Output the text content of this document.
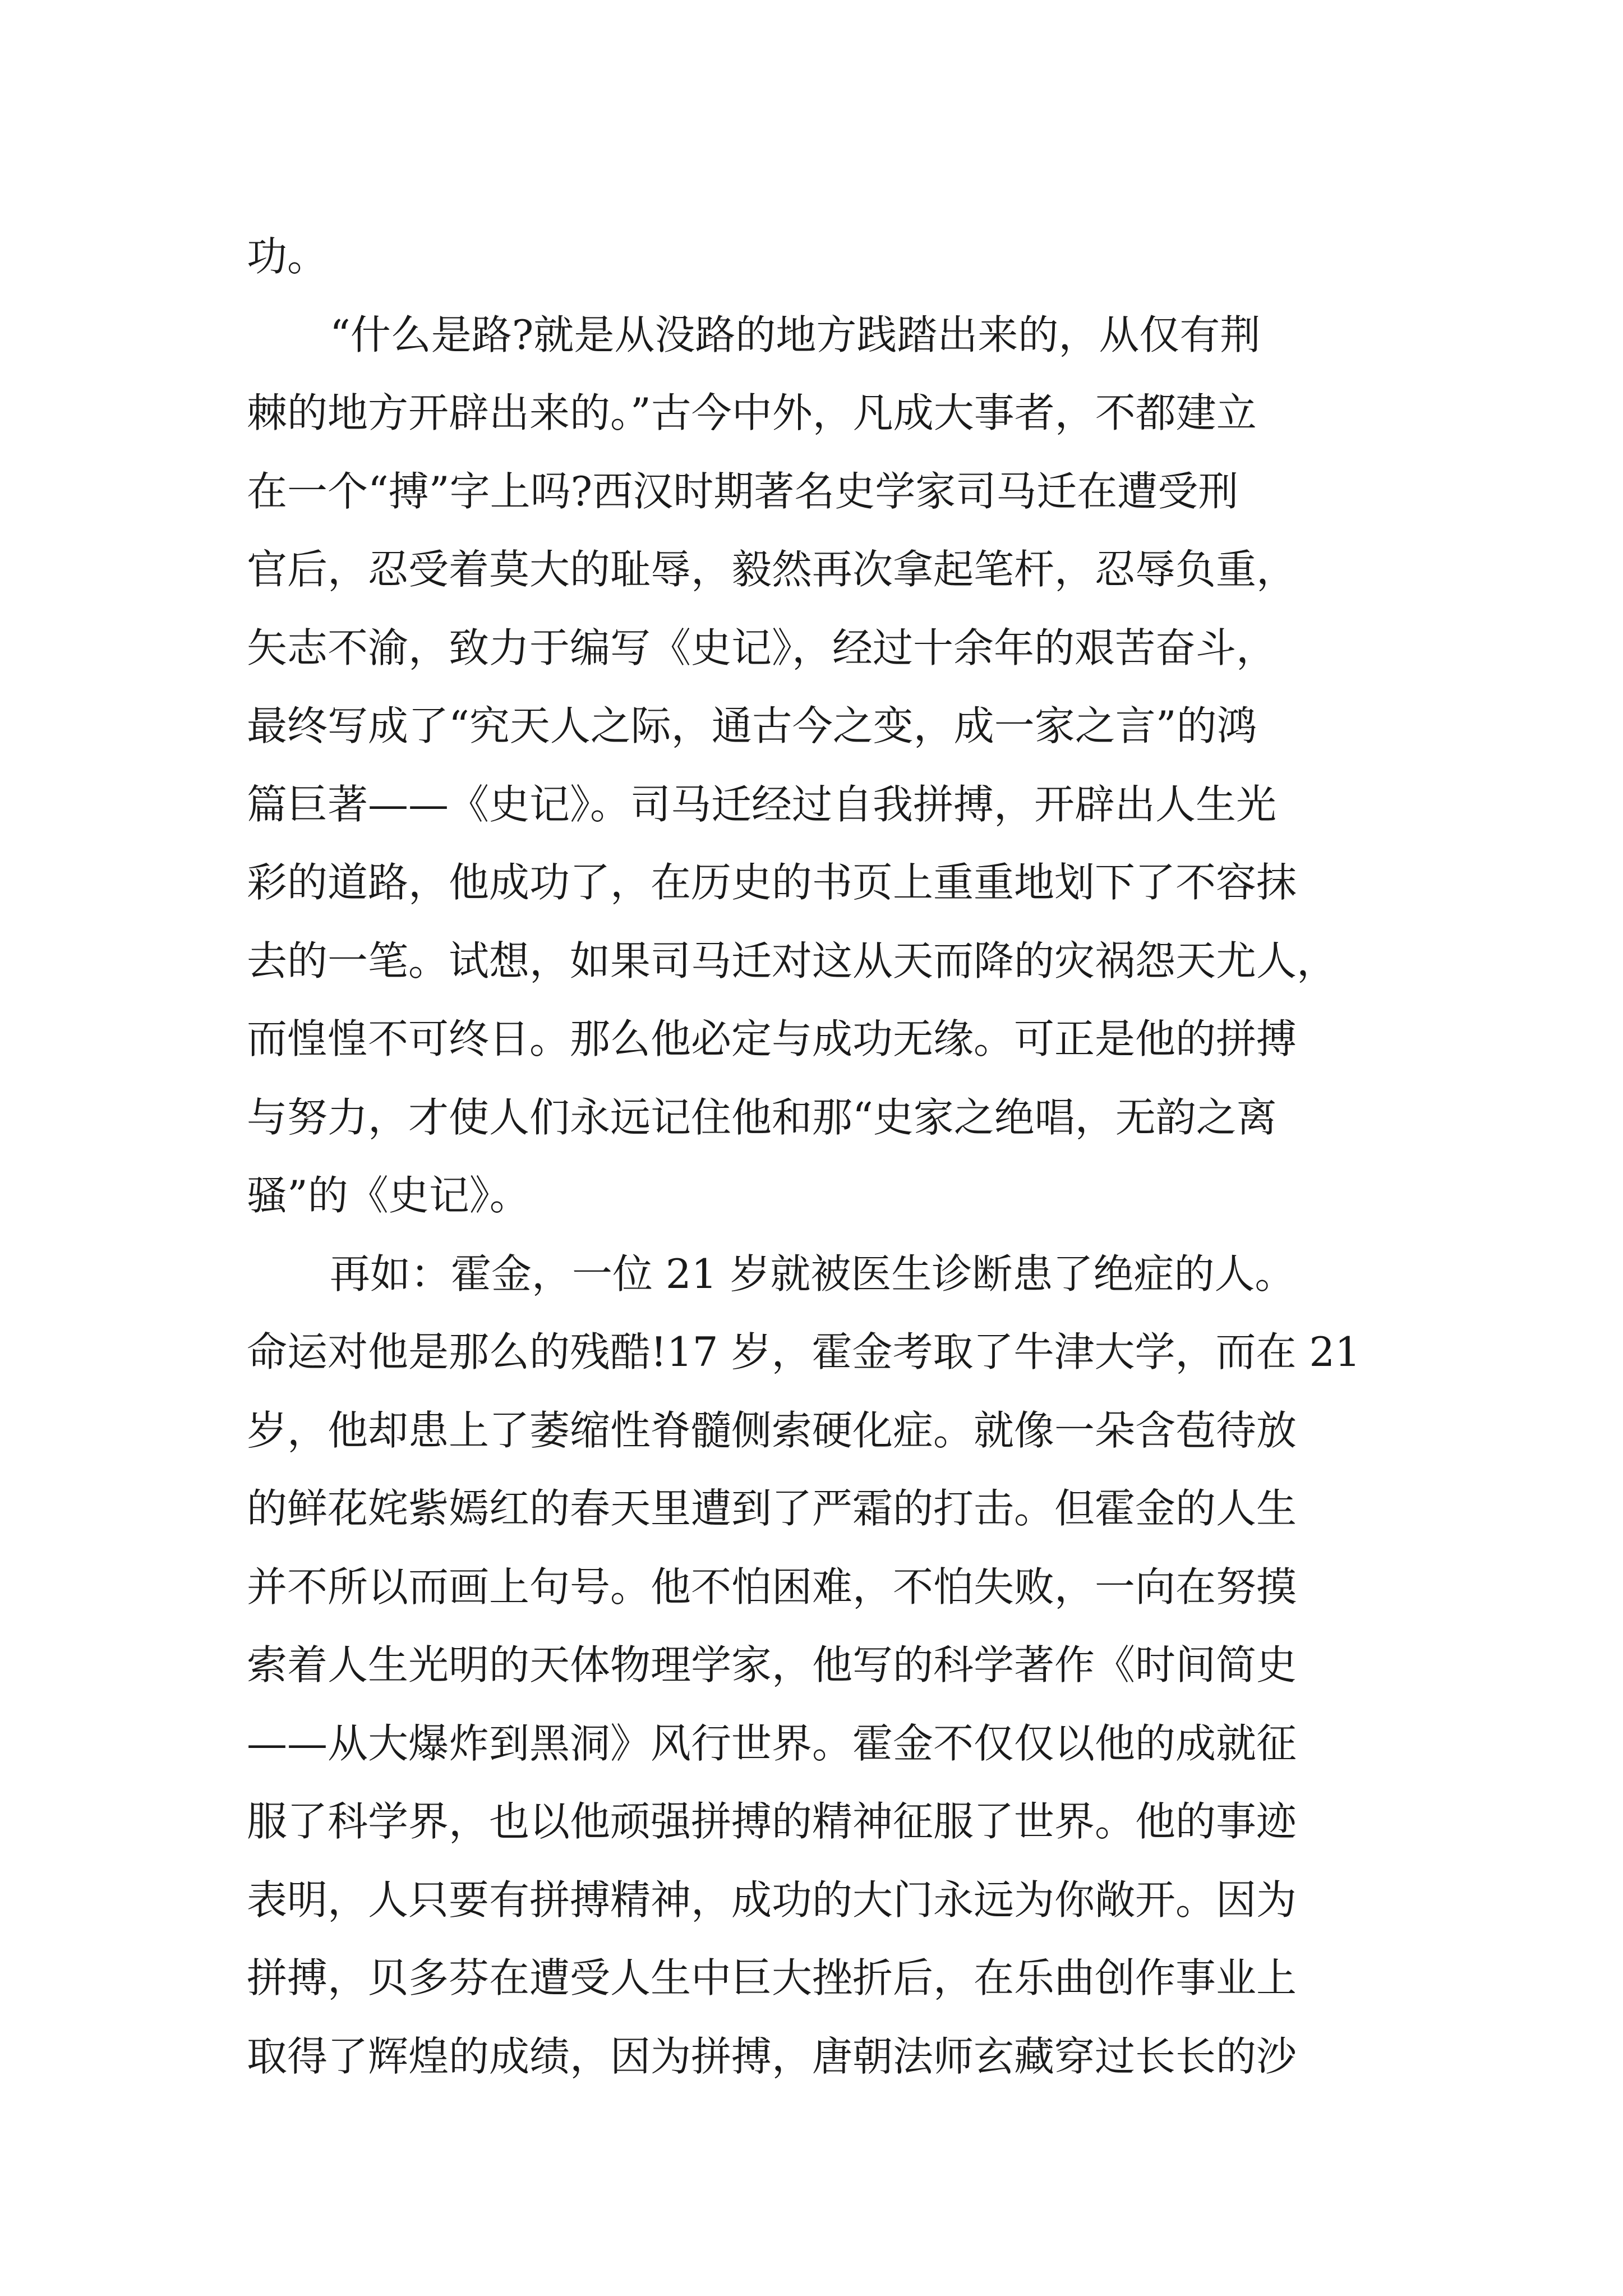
功。
“什么是路?就是从没路的地方践踏出来的，从仅有荆
棘的地方开辟出来的。”古今中外，凡成大事者，不都建立
在一个“搏”字上吗?西汉时期著名史学家司马迁在遭受刑
官后，忍受着莫大的耻辱，毅然再次拿起笔杆，忍辱负重，
矢志不渝，致力于编写《史记》，经过十余年的艰苦奋斗，
最终写成了“究天人之际，通古今之变，成一家之言”的鸿
篇巨著——《史记》。司马迁经过自我拼搏，开辟出人生光
彩的道路，他成功了，在历史的书页上重重地划下了不容抹
去的一笔。试想，如果司马迁对这从天而降的灾祸怨天尤人，
而惶惶不可终日。那么他必定与成功无缘。可正是他的拼搏
与努力，才使人们永远记住他和那“史家之绝唱，无韵之离
骚”的《史记》。
再如：霍金，一位 21 岁就被医生诊断患了绝症的人。
命运对他是那么的残酷!17 岁，霍金考取了牛津大学，而在 21
岁，他却患上了萎缩性脊髓侧索硬化症。就像一朵含苞待放
的鲜花姹紫嫣红的春天里遭到了严霜的打击。但霍金的人生
并不所以而画上句号。他不怕困难，不怕失败，一向在努摸
索着人生光明的天体物理学家，他写的科学著作《时间简史
——从大爆炸到黑洞》风行世界。霍金不仅仅以他的成就征
服了科学界，也以他顽强拼搏的精神征服了世界。他的事迹
表明，人只要有拼搏精神，成功的大门永远为你敞开。因为
拼搏，贝多芬在遭受人生中巨大挫折后，在乐曲创作事业上
取得了辉煌的成绩，因为拼搏，唐朝法师玄藏穿过长长的沙
